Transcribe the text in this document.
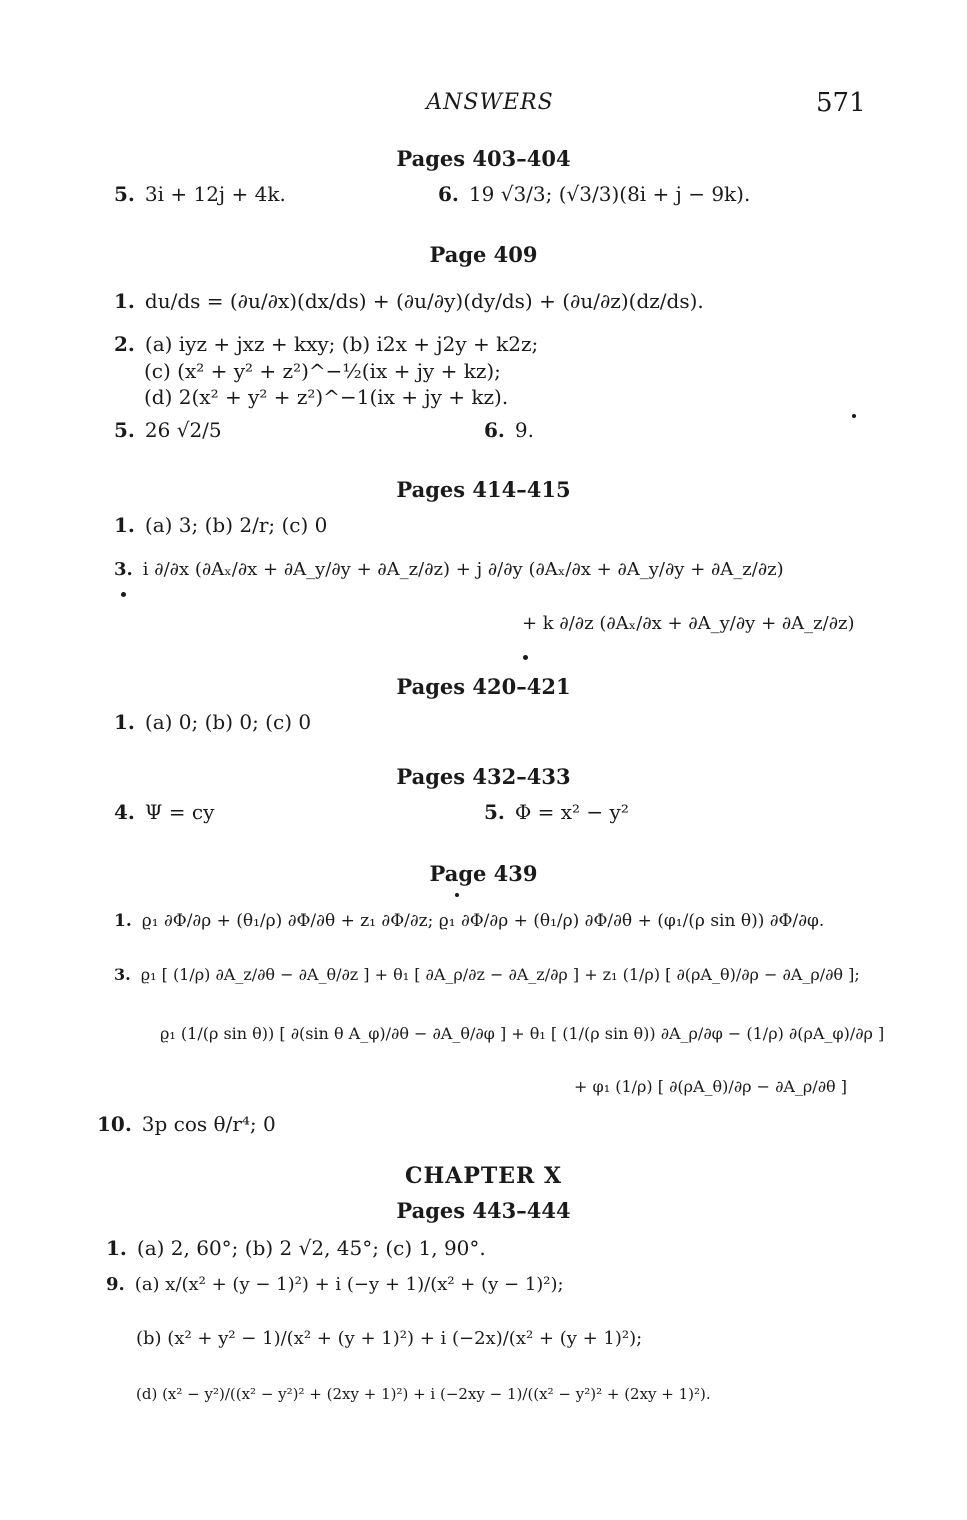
ANSWERS	571
Pages 403–404
5. 3i + 12j + 4k.	6. 19 √3/3; (√3/3)(8i + j − 9k).
Page 409
1. du/ds = (∂u/∂x)(dx/ds) + (∂u/∂y)(dy/ds) + (∂u/∂z)(dz/ds).
2. (a) iyz + jxz + kxy; (b) i2x + j2y + k2z;
(c) (x² + y² + z²)^−½(ix + jy + kz);
(d) 2(x² + y² + z²)^−1(ix + jy + kz).
5. 26 √2/5	6. 9.
Pages 414–415
1. (a) 3; (b) 2/r; (c) 0
3. i ∂/∂x (∂Aₓ/∂x + ∂A_y/∂y + ∂A_z/∂z) + j ∂/∂y (∂Aₓ/∂x + ∂A_y/∂y + ∂A_z/∂z)
+ k ∂/∂z (∂Aₓ/∂x + ∂A_y/∂y + ∂A_z/∂z)
Pages 420–421
1. (a) 0; (b) 0; (c) 0
Pages 432–433
4. Ψ = cy	5. Φ = x² − y²
Page 439
1. ϱ₁ ∂Φ/∂ρ + (θ₁/ρ) ∂Φ/∂θ + z₁ ∂Φ/∂z; ϱ₁ ∂Φ/∂ρ + (θ₁/ρ) ∂Φ/∂θ + (φ₁/(ρ sin θ)) ∂Φ/∂φ.
3. ϱ₁ [ (1/ρ) ∂A_z/∂θ − ∂A_θ/∂z ] + θ₁ [ ∂A_ρ/∂z − ∂A_z/∂ρ ] + z₁ (1/ρ) [ ∂(ρA_θ)/∂ρ − ∂A_ρ/∂θ ];
ϱ₁ (1/(ρ sin θ)) [ ∂(sin θ A_φ)/∂θ − ∂A_θ/∂φ ] + θ₁ [ (1/(ρ sin θ)) ∂A_ρ/∂φ − (1/ρ) ∂(ρA_φ)/∂ρ ]
+ φ₁ (1/ρ) [ ∂(ρA_θ)/∂ρ − ∂A_ρ/∂θ ]
10. 3p cos θ/r⁴; 0
CHAPTER X
Pages 443–444
1. (a) 2, 60°; (b) 2 √2, 45°; (c) 1, 90°.
9. (a) x/(x² + (y − 1)²) + i (−y + 1)/(x² + (y − 1)²);
(b) (x² + y² − 1)/(x² + (y + 1)²) + i (−2x)/(x² + (y + 1)²);
(d) (x² − y²)/((x² − y²)² + (2xy + 1)²) + i (−2xy − 1)/((x² − y²)² + (2xy + 1)²).
